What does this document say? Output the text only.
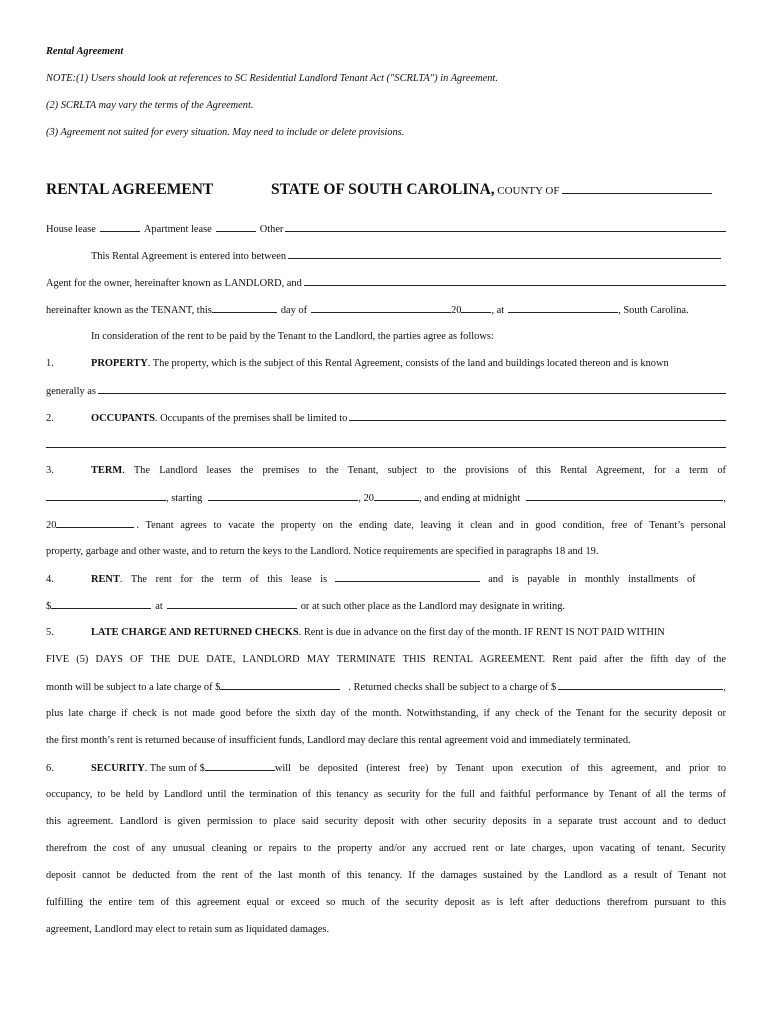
Rental Agreement
NOTE:(1) Users should look at references to SC Residential Landlord Tenant Act ("SCRLTA") in Agreement.
(2) SCRLTA may vary the terms of the Agreement.
(3) Agreement not suited for every situation. May need to include or delete provisions.
RENTAL AGREEMENT	STATE OF SOUTH CAROLINA, COUNTY OF
House lease	Apartment lease	Other
This Rental Agreement is entered into between
Agent for the owner, hereinafter known as LANDLORD, and
hereinafter known as the TENANT, this	day of	20	, at	, South Carolina.
In consideration of the rent to be paid by the Tenant to the Landlord, the parties agree as follows:
1.	PROPERTY. The property, which is the subject of this Rental Agreement, consists of the land and buildings located thereon and is known
generally as
2.	OCCUPANTS . Occupants of the premises shall be limited to
3.	TERM. The Landlord leases the premises to the Tenant, subject to the provisions of this Rental Agreement, for a term of
, starting	, 20	, and ending at midnight	,
20	. Tenant agrees to vacate the property on the ending date, leaving it clean and in good condition, free of Tenant’s personal
property, garbage and other waste, and to return the keys to the Landlord. Notice requirements are specified in paragraphs 18 and 19.
4.	RENT . The rent for the term of this lease is	and is payable in monthly installments of
$	at	or at such other place as the Landlord may designate in writing.
5.	LATE CHARGE AND RETURNED CHECKS. Rent is due in advance on the first day of the month. IF RENT IS NOT PAID WITHIN
FIVE (5) DAYS OF THE DUE DATE, LANDLORD MAY TERMINATE THIS RENTAL AGREEMENT. Rent paid after the fifth day of the
month will be subject to a late charge of $	. Returned checks shall be subject to a charge of $	,
plus late charge if check is not made good before the sixth day of the month. Notwithstanding, if any check of the Tenant for the security deposit or
the first month’s rent is returned because of insufficient funds, Landlord may declare this rental agreement void and immediately terminated.
6.	SECURITY . The sum of $	will be deposited (interest free) by Tenant upon execution of this agreement, and prior to
occupancy, to be held by Landlord until the termination of this tenancy as security for the full and faithful performance by Tenant of all the terms of
this agreement. Landlord is given permission to place said security deposit with other security deposits in a separate trust account and to deduct
therefrom the cost of any unusual cleaning or repairs to the property and/or any accrued rent or late charges, upon vacating of tenant. Security
deposit cannot be deducted from the rent of the last month of this tenancy. If the damages sustained by the Landlord as a result of Tenant not
fulfilling the entire tem of this agreement equal or exceed so much of the security deposit as is left after deductions therefrom pursuant to this
agreement, Landlord may elect to retain sum as liquidated damages.
